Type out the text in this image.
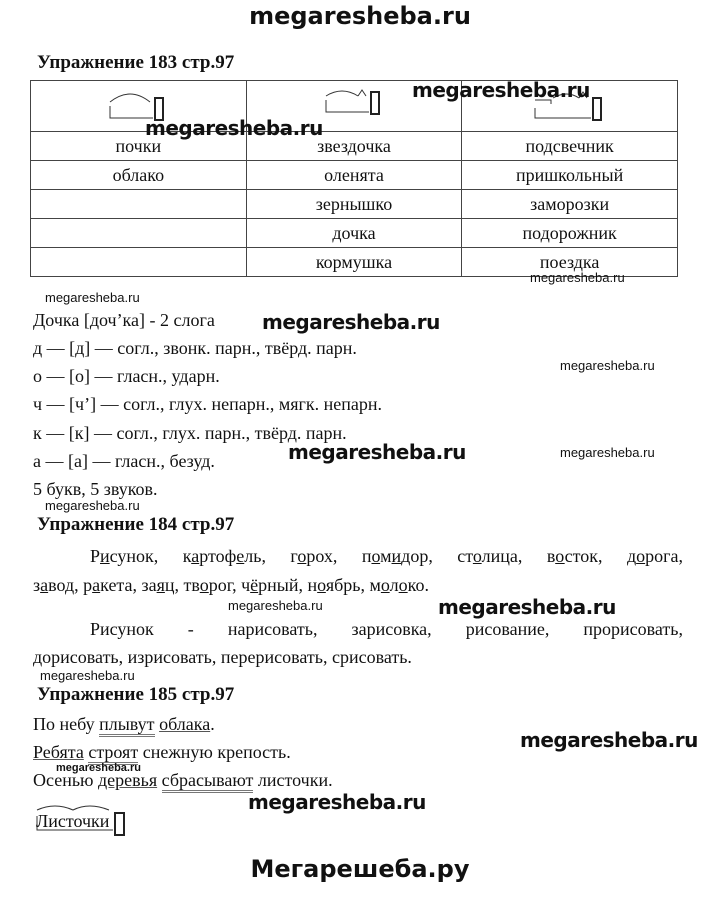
megaresheba.ru
Упражнение 183 стр.97

почки	звездочка	подсвечник
облако	оленята	пришкольный
	зернышко	заморозки
	дочка	подорожник
	кормушка	поездка
megaresheba.ru
megaresheba.ru
megaresheba.ru
megaresheba.ru
Дочка [доч’ка] - 2 слога
д — [д] — согл., звонк. парн., твёрд. парн.
о — [о] — гласн., ударн.
ч — [ч’] — согл., глух. непарн., мягк. непарн.
к — [к] — согл., глух. парн., твёрд. парн.
а — [а] — гласн., безуд.
5 букв, 5 звуков.
megaresheba.ru
megaresheba.ru
megaresheba.ru	megaresheba.ru
megaresheba.ru
Упражнение 184 стр.97
Рисунок, картофель, горох, помидор, столица, восток, дорога,
завод, ракета, заяц, творог, чёрный, ноябрь, молоко.
megaresheba.ru	megaresheba.ru
Рисунок - нарисовать, зарисовка, рисование, прорисовать,
дорисовать, изрисовать, перерисовать, срисовать.
megaresheba.ru
Упражнение 185 стр.97
По небу плывут облака.
megaresheba.ru
Ребята строят снежную крепость.
megaresheba.ru
Осенью деревья сбрасывают листочки.
megaresheba.ru
Листочки
Мегарешеба.ру
